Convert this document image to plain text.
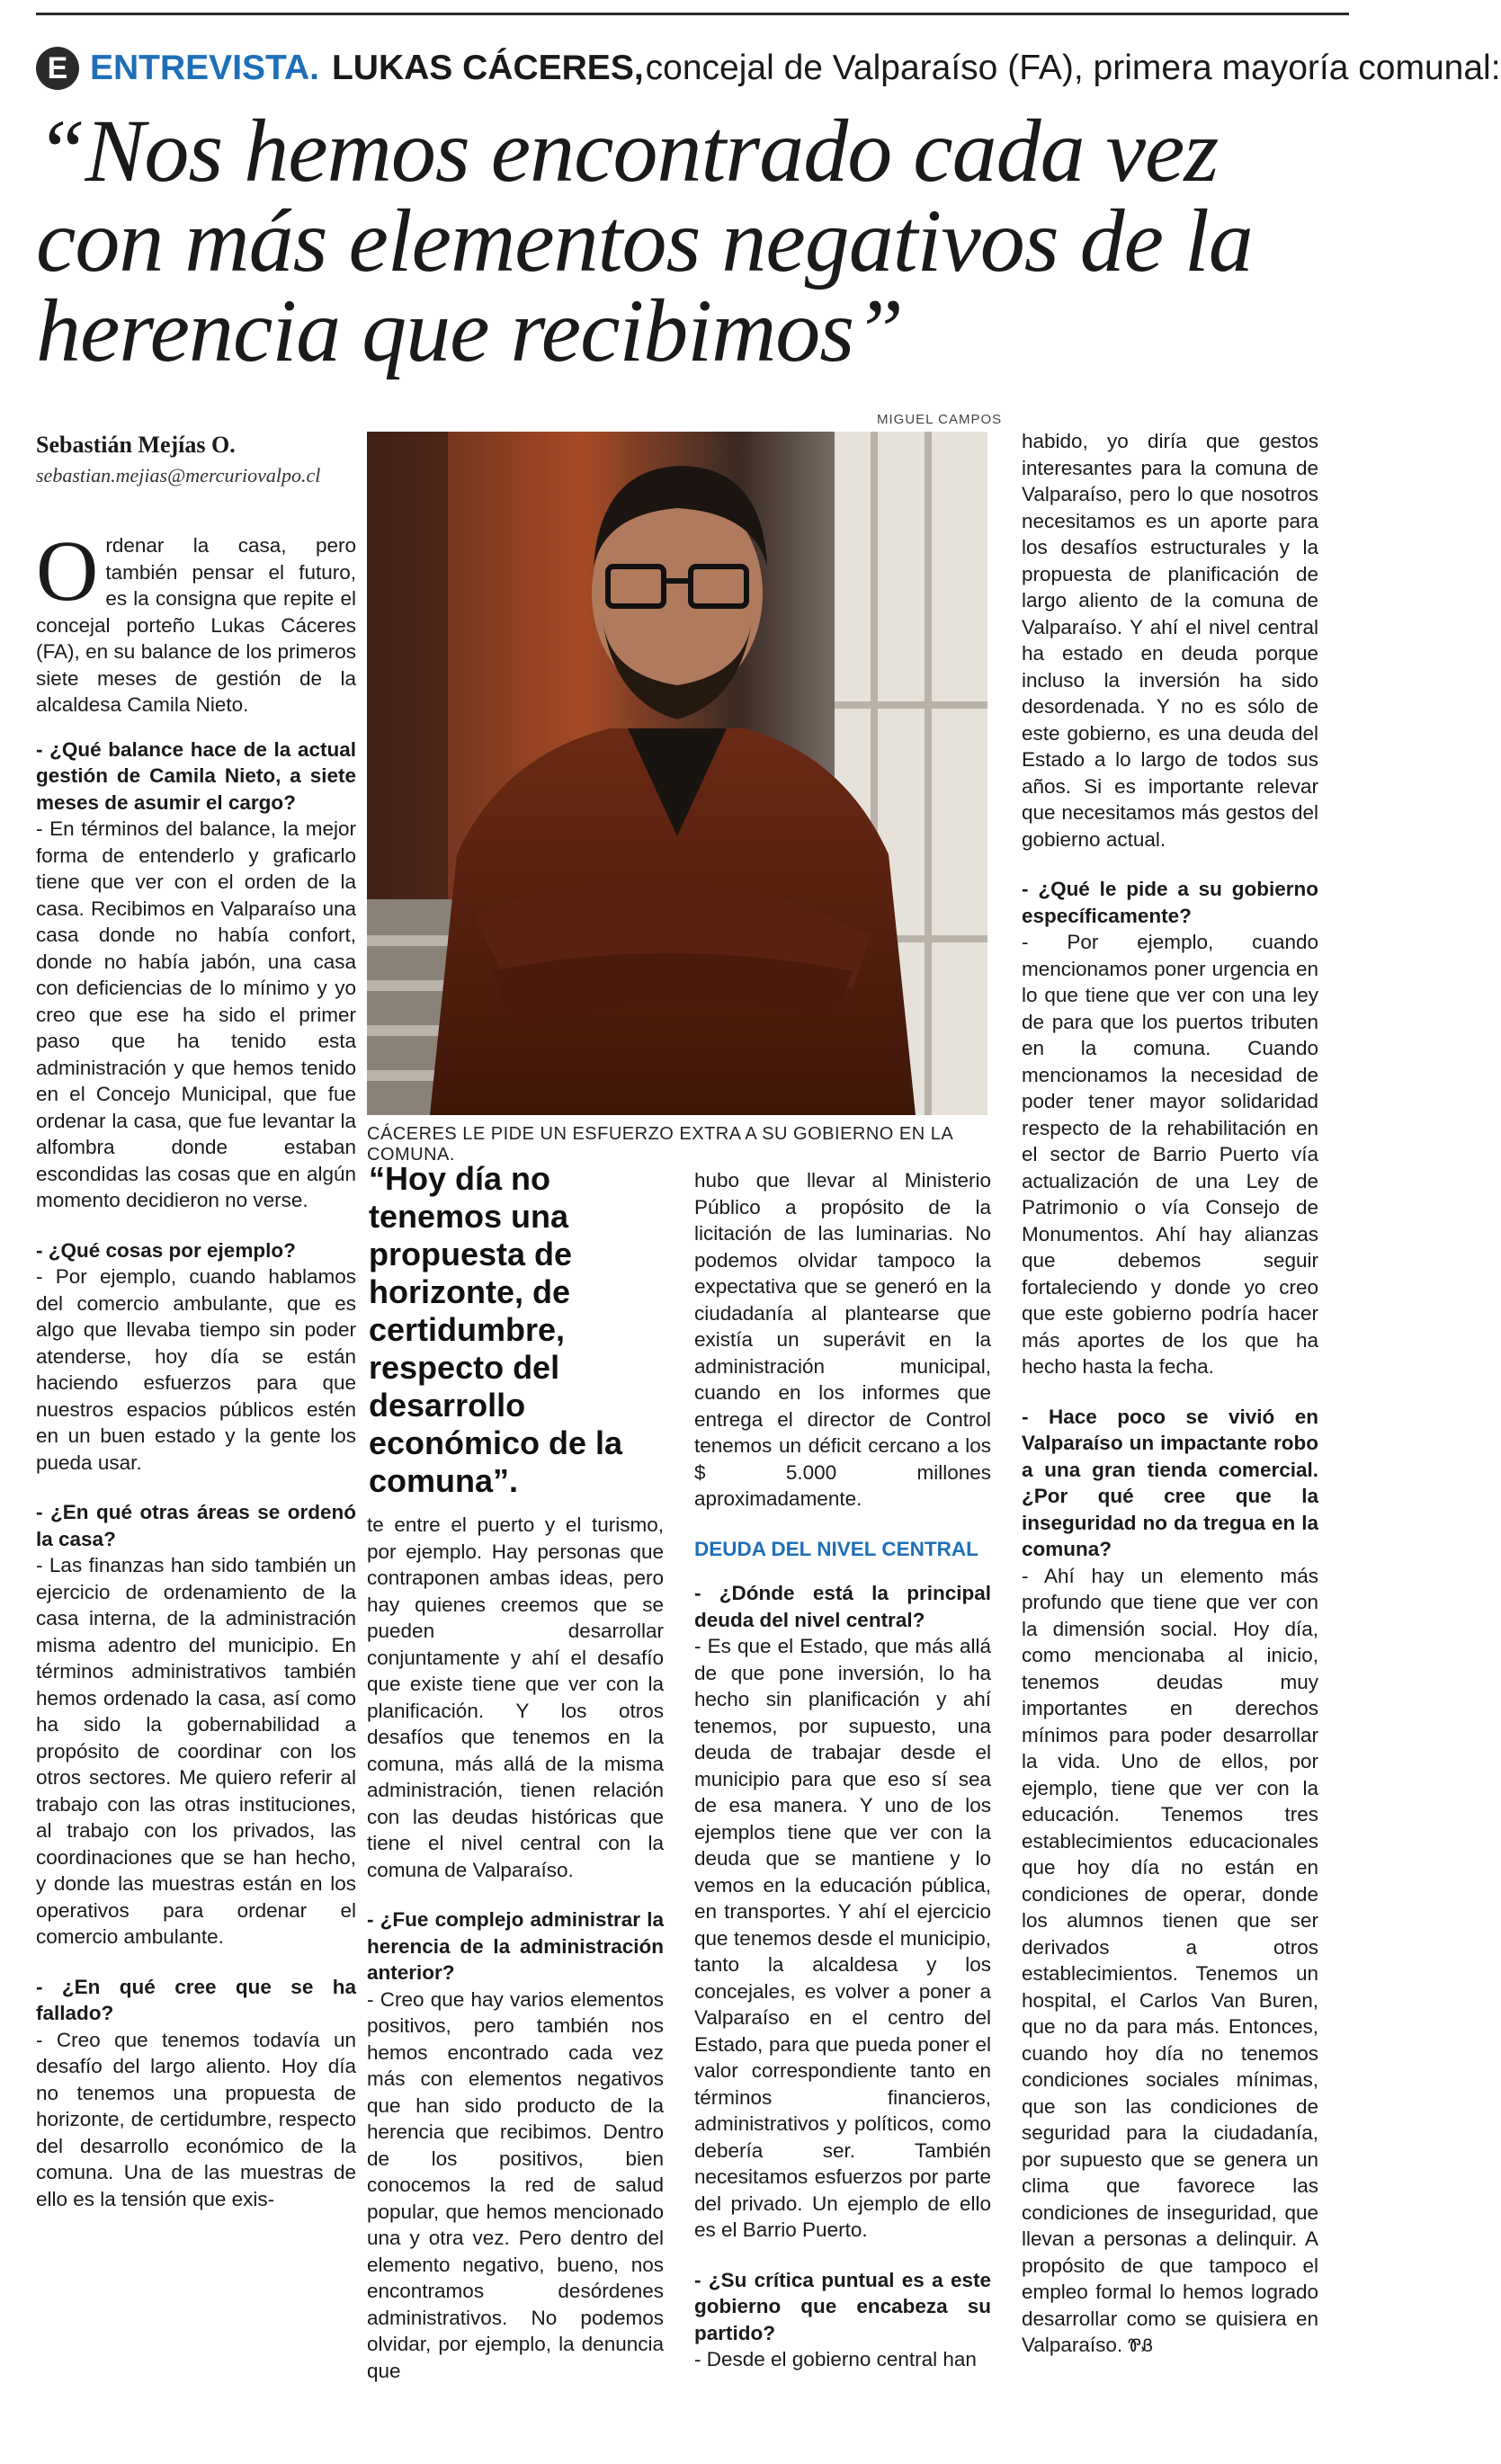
E ENTREVISTA. LUKAS CÁCERES, concejal de Valparaíso (FA), primera mayoría comunal:
“Nos hemos encontrado cada vez con más elementos negativos de la herencia que recibimos”
MIGUEL CAMPOS
Sebastián Mejías O.
sebastian.mejias@mercuriovalpo.cl
CÁCERES LE PIDE UN ESFUERZO EXTRA A SU GOBIERNO EN LA COMUNA.
“Hoy día no tenemos una propuesta de horizonte, de certidumbre, respecto del desarrollo económico de la comuna”.

Ordenar la casa, pero también pensar el futuro, es la consigna que repite el concejal porteño Lukas Cáceres (FA), en su balance de los primeros siete meses de gestión de la alcaldesa Camila Nieto.

- ¿Qué balance hace de la actual gestión de Camila Nieto, a siete meses de asumir el cargo?

- En términos del balance, la mejor forma de entenderlo y graficarlo tiene que ver con el orden de la casa. Recibimos en Valparaíso una casa donde no había confort, donde no había jabón, una casa con deficiencias de lo mínimo y yo creo que ese ha sido el primer paso que ha tenido esta administración y que hemos tenido en el Concejo Municipal, que fue ordenar la casa, que fue levantar la alfombra donde estaban escondidas las cosas que en algún momento decidieron no verse.

- ¿Qué cosas por ejemplo?

- Por ejemplo, cuando hablamos del comercio ambulante, que es algo que llevaba tiempo sin poder atenderse, hoy día se están haciendo esfuerzos para que nuestros espacios públicos estén en un buen estado y la gente los pueda usar.

- ¿En qué otras áreas se ordenó la casa?

- Las finanzas han sido también un ejercicio de ordenamiento de la casa interna, de la administración misma adentro del municipio. En términos administrativos también hemos ordenado la casa, así como ha sido la gobernabilidad a propósito de coordinar con los otros sectores. Me quiero referir al trabajo con las otras instituciones, al trabajo con los privados, las coordinaciones que se han hecho, y donde las muestras están en los operativos para ordenar el comercio ambulante.

- ¿En qué cree que se ha fallado?

- Creo que tenemos todavía un desafío del largo aliento. Hoy día no tenemos una propuesta de horizonte, de certidumbre, respecto del desarrollo económico de la comuna. Una de las muestras de ello es la tensión que exis-

te entre el puerto y el turismo, por ejemplo. Hay personas que contraponen ambas ideas, pero hay quienes creemos que se pueden desarrollar conjuntamente y ahí el desafío que existe tiene que ver con la planificación. Y los otros desafíos que tenemos en la comuna, más allá de la misma administración, tienen relación con las deudas históricas que tiene el nivel central con la comuna de Valparaíso.

- ¿Fue complejo administrar la herencia de la administración anterior?

- Creo que hay varios elementos positivos, pero también nos hemos encontrado cada vez más con elementos negativos que han sido producto de la herencia que recibimos. Dentro de los positivos, bien conocemos la red de salud popular, que hemos mencionado una y otra vez. Pero dentro del elemento negativo, bueno, nos encontramos desórdenes administrativos. No podemos olvidar, por ejemplo, la denuncia que

hubo que llevar al Ministerio Público a propósito de la licitación de las luminarias. No podemos olvidar tampoco la expectativa que se generó en la ciudadanía al plantearse que existía un superávit en la administración municipal, cuando en los informes que entrega el director de Control tenemos un déficit cercano a los $ 5.000 millones aproximadamente.

DEUDA DEL NIVEL CENTRAL

- ¿Dónde está la principal deuda del nivel central?

- Es que el Estado, que más allá de que pone inversión, lo ha hecho sin planificación y ahí tenemos, por supuesto, una deuda de trabajar desde el municipio para que eso sí sea de esa manera. Y uno de los ejemplos tiene que ver con la deuda que se mantiene y lo vemos en la educación pública, en transportes. Y ahí el ejercicio que tenemos desde el municipio, tanto la alcaldesa y los concejales, es volver a poner a Valparaíso en el centro del Estado, para que pueda poner el valor correspondiente tanto en términos financieros, administrativos y políticos, como debería ser. También necesitamos esfuerzos por parte del privado. Un ejemplo de ello es el Barrio Puerto.

- ¿Su crítica puntual es a este gobierno que encabeza su partido?

- Desde el gobierno central han

habido, yo diría que gestos interesantes para la comuna de Valparaíso, pero lo que nosotros necesitamos es un aporte para los desafíos estructurales y la propuesta de planificación de largo aliento de la comuna de Valparaíso. Y ahí el nivel central ha estado en deuda porque incluso la inversión ha sido desordenada. Y no es sólo de este gobierno, es una deuda del Estado a lo largo de todos sus años. Si es importante relevar que necesitamos más gestos del gobierno actual.

- ¿Qué le pide a su gobierno específicamente?

- Por ejemplo, cuando mencionamos poner urgencia en lo que tiene que ver con una ley de para que los puertos tributen en la comuna. Cuando mencionamos la necesidad de poder tener mayor solidaridad respecto de la rehabilitación en el sector de Barrio Puerto vía actualización de una Ley de Patrimonio o vía Consejo de Monumentos. Ahí hay alianzas que debemos seguir fortaleciendo y donde yo creo que este gobierno podría hacer más aportes de los que ha hecho hasta la fecha.

- Hace poco se vivió en Valparaíso un impactante robo a una gran tienda comercial. ¿Por qué cree que la inseguridad no da tregua en la comuna?

- Ahí hay un elemento más profundo que tiene que ver con la dimensión social. Hoy día, como mencionaba al inicio, tenemos deudas muy importantes en derechos mínimos para poder desarrollar la vida. Uno de ellos, por ejemplo, tiene que ver con la educación. Tenemos tres establecimientos educacionales que hoy día no están en condiciones de operar, donde los alumnos tienen que ser derivados a otros establecimientos. Tenemos un hospital, el Carlos Van Buren, que no da para más. Entonces, cuando hoy día no tenemos condiciones sociales mínimas, que son las condiciones de seguridad para la ciudadanía, por supuesto que se genera un clima que favorece las condiciones de inseguridad, que llevan a personas a delinquir. A propósito de que tampoco el empleo formal lo hemos logrado desarrollar como se quisiera en Valparaíso. ᏈᏰ
